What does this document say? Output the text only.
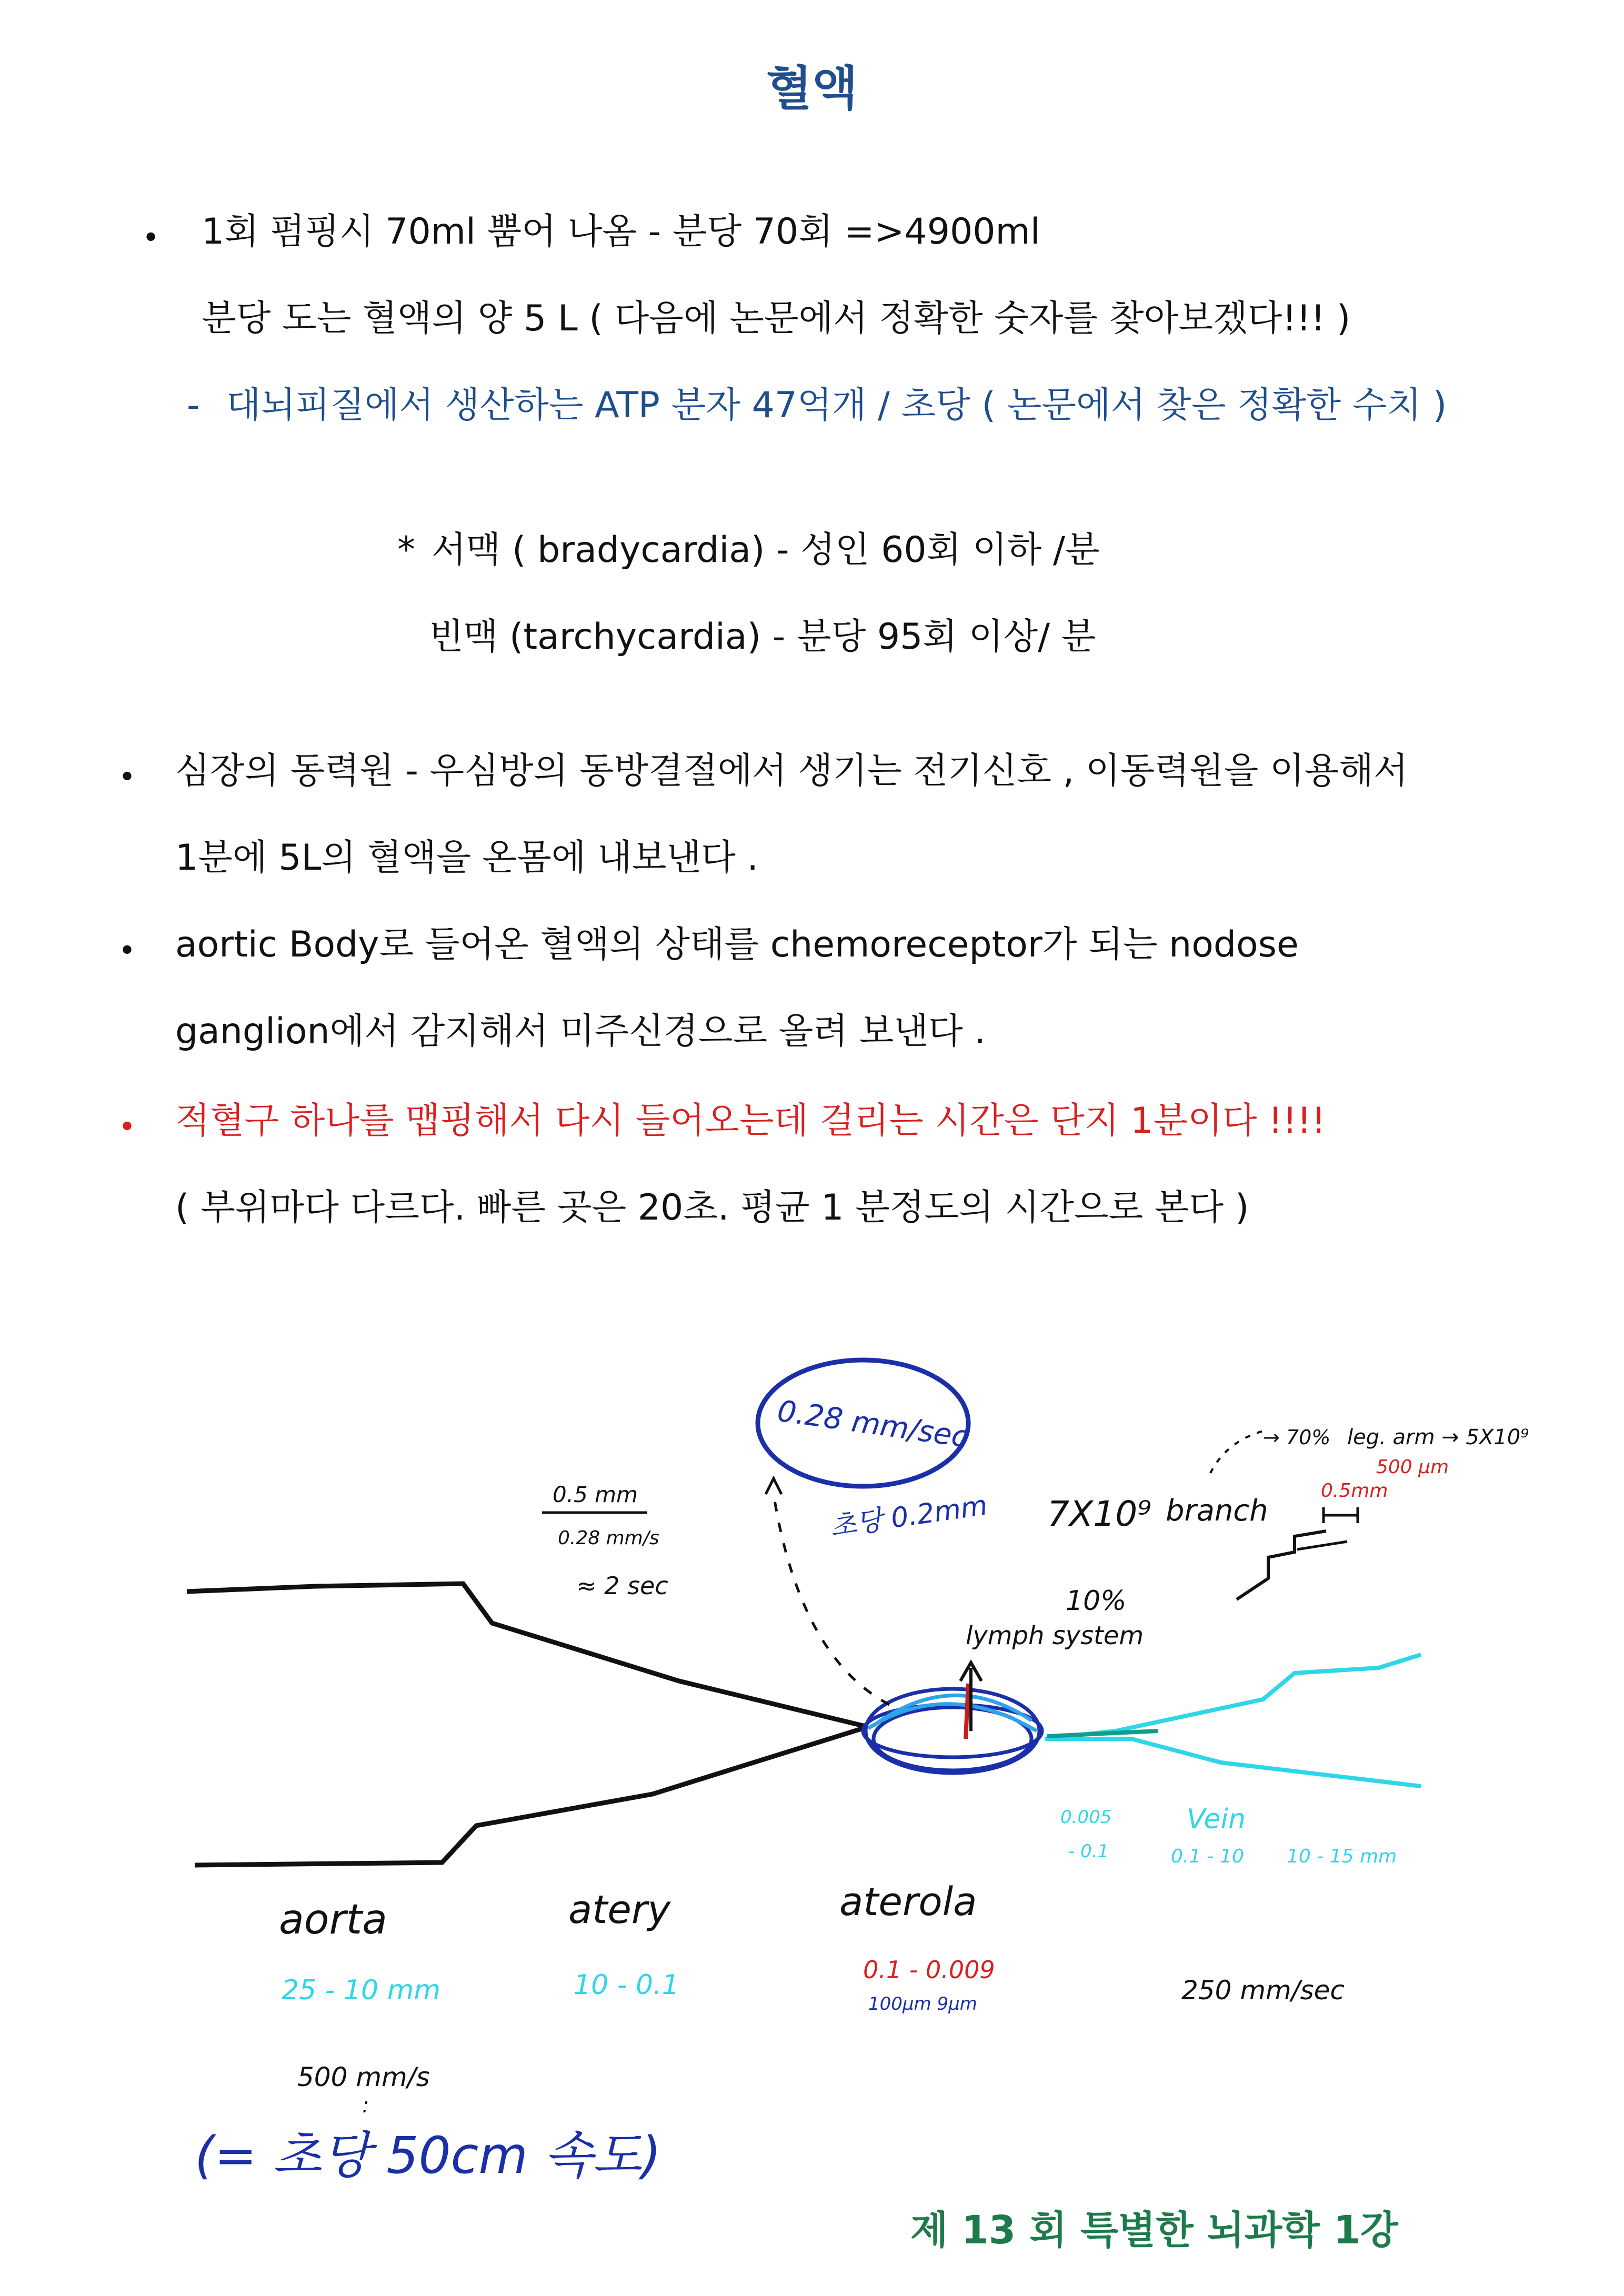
혈액
• 1회 펌핑시 70ml 뿜어 나옴 - 분당 70회 =>4900ml
분당 도는 혈액의 양 5 L ( 다음에 논문에서 정확한 숫자를 찾아보겠다!!! )
- 대뇌피질에서 생산하는 ATP 분자 47억개 / 초당 ( 논문에서 찾은 정확한 수치 )
* 서맥 ( bradycardia) - 성인 60회 이하 /분
빈맥 (tarchycardia) - 분당 95회 이상/ 분
• 심장의 동력원 - 우심방의 동방결절에서 생기는 전기신호 , 이동력원을 이용해서
1분에 5L의 혈액을 온몸에 내보낸다 .
• aortic Body로 들어온 혈액의 상태를 chemoreceptor가 되는 nodose
ganglion에서 감지해서 미주신경으로 올려 보낸다 .
• 적혈구 하나를 맵핑해서 다시 들어오는데 걸리는 시간은 단지 1분이다 !!!!
( 부위마다 다르다. 빠른 곳은 20초. 평균 1 분정도의 시간으로 본다 )
0.28 mm/sec
0.5 mm
0.28 mm/s
≈ 2 sec
초당 0.2mm 7X10⁹ branch
→ 70% leg. arm → 5X10⁹
500 µm
0.5mm
10%
lymph system
aorta
25 - 10 mm
atery
10 - 0.1
aterola
0.1 - 0.009
100µm 9µm
Vein
0.005
- 0.1	0.1 - 10 10 - 15 mm
250 mm/sec
500 mm/s
:
(= 초당 50cm 속도)
제 13 회 특별한 뇌과학 1강
